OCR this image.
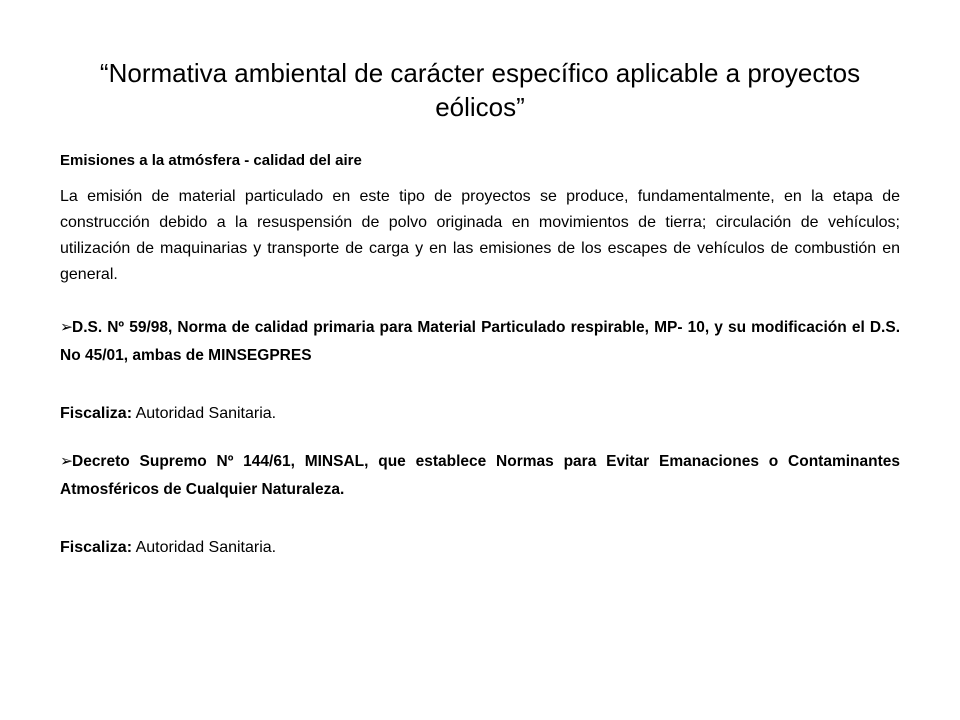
“Normativa ambiental de carácter específico aplicable a proyectos eólicos”

Emisiones a la atmósfera - calidad del aire

La emisión de material particulado en este tipo de proyectos se produce, fundamentalmente, en la etapa de construcción debido a la resuspensión de polvo originada en movimientos de tierra; circulación de vehículos; utilización de maquinarias y transporte de carga y en las emisiones de los escapes de vehículos de combustión en general.

➢D.S. Nº 59/98, Norma de calidad primaria para Material Particulado respirable, MP- 10, y su modificación el D.S. No 45/01, ambas de MINSEGPRES

Fiscaliza: Autoridad Sanitaria.

➢Decreto Supremo Nº 144/61, MINSAL, que establece Normas para Evitar Emanaciones o Contaminantes Atmosféricos de Cualquier Naturaleza.

Fiscaliza: Autoridad Sanitaria.
